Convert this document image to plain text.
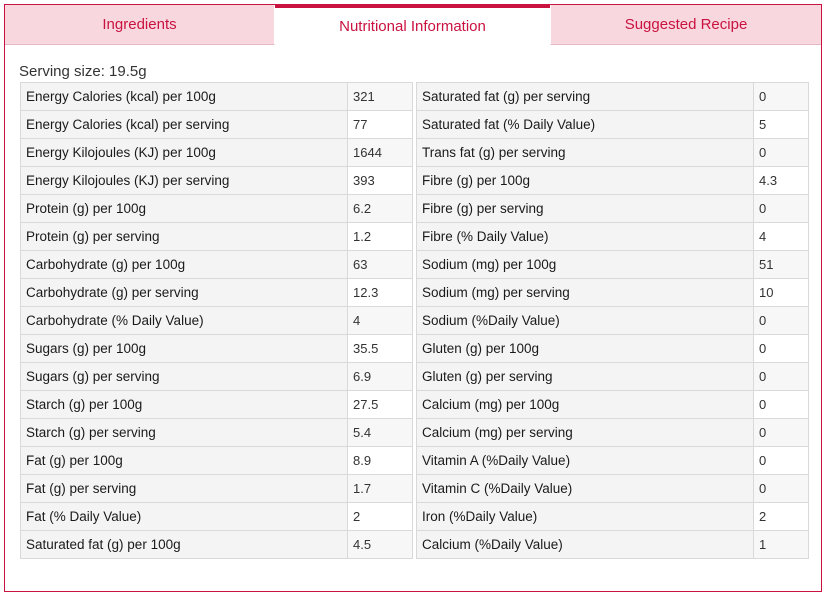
Ingredients	Nutritional Information	Suggested Recipe
Serving size: 19.5g
Energy Calories (kcal) per 100g	321		Saturated fat (g) per serving	0
Energy Calories (kcal) per serving	77		Saturated fat (% Daily Value)	5
Energy Kilojoules (KJ) per 100g	1644		Trans fat (g) per serving	0
Energy Kilojoules (KJ) per serving	393		Fibre (g) per 100g	4.3
Protein (g) per 100g	6.2		Fibre (g) per serving	0
Protein (g) per serving	1.2		Fibre (% Daily Value)	4
Carbohydrate (g) per 100g	63		Sodium (mg) per 100g	51
Carbohydrate (g) per serving	12.3		Sodium (mg) per serving	10
Carbohydrate (% Daily Value)	4		Sodium (%Daily Value)	0
Sugars (g) per 100g	35.5		Gluten (g) per 100g	0
Sugars (g) per serving	6.9		Gluten (g) per serving	0
Starch (g) per 100g	27.5		Calcium (mg) per 100g	0
Starch (g) per serving	5.4		Calcium (mg) per serving	0
Fat (g) per 100g	8.9		Vitamin A (%Daily Value)	0
Fat (g) per serving	1.7		Vitamin C (%Daily Value)	0
Fat (% Daily Value)	2		Iron (%Daily Value)	2
Saturated fat (g) per 100g	4.5		Calcium (%Daily Value)	1
